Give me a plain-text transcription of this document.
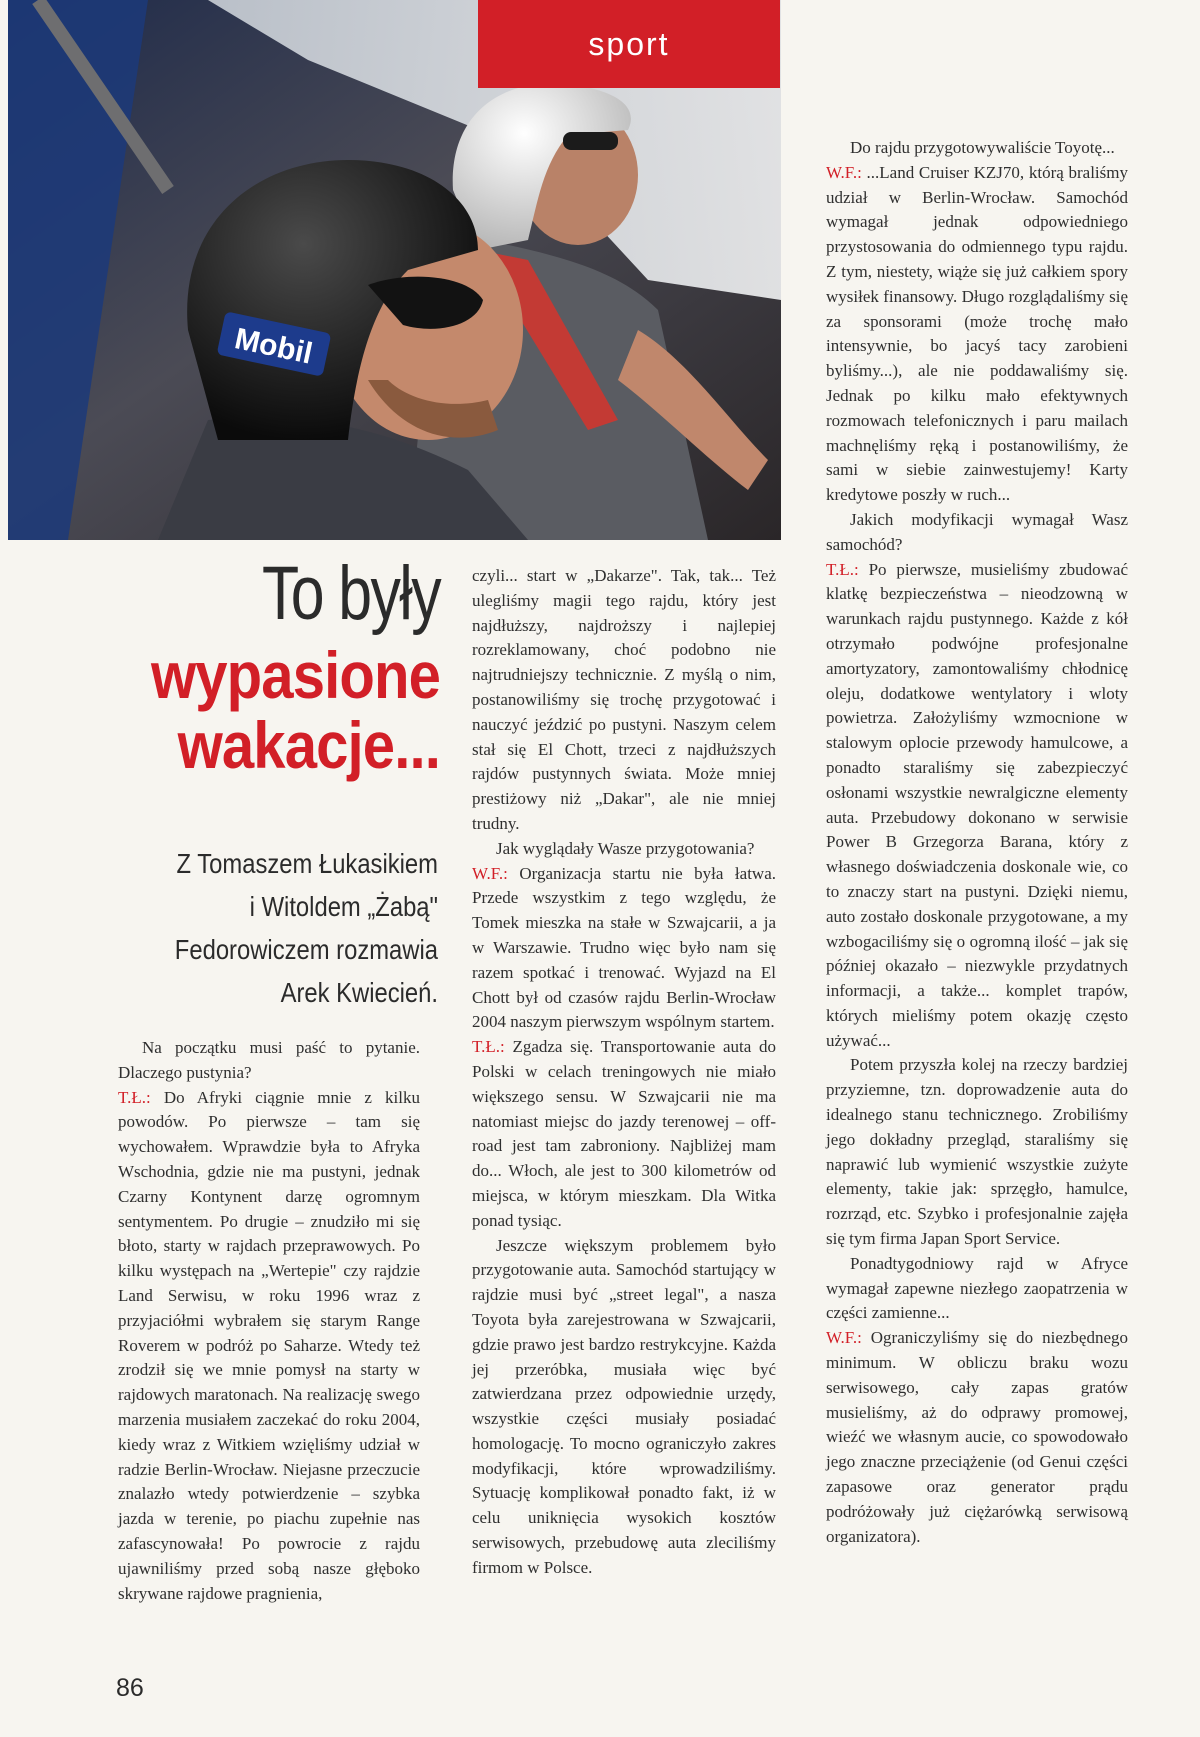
Mobil
sport
To były
wypasione
wakacje...
Z Tomaszem Łukasikiem
i Witoldem „Żabą"
Fedorowiczem rozmawia
Arek Kwiecień.

Na początku musi paść to pytanie. Dlaczego pustynia?

T.Ł.: Do Afryki ciągnie mnie z kilku powodów. Po pierwsze – tam się wychowałem. Wprawdzie była to Afryka Wschodnia, gdzie nie ma pustyni, jednak Czarny Kontynent darzę ogromnym sentymentem. Po drugie – znudziło mi się błoto, starty w rajdach przeprawowych. Po kilku występach na „Wertepie" czy rajdzie Land Serwisu, w roku 1996 wraz z przyjaciółmi wybrałem się starym Range Roverem w podróż po Saharze. Wtedy też zrodził się we mnie pomysł na starty w rajdowych maratonach. Na realizację swego marzenia musiałem zaczekać do roku 2004, kiedy wraz z Witkiem wzięliśmy udział w radzie Berlin-Wrocław. Niejasne przeczucie znalazło wtedy potwierdzenie – szybka jazda w terenie, po piachu zupełnie nas zafascynowała! Po powrocie z rajdu ujawniliśmy przed sobą nasze głęboko skrywane rajdowe pragnienia,

czyli... start w „Dakarze". Tak, tak... Też ulegliśmy magii tego rajdu, który jest najdłuższy, najdroższy i najlepiej rozreklamowany, choć podobno nie najtrudniejszy technicznie. Z myślą o nim, postanowiliśmy się trochę przygotować i nauczyć jeździć po pustyni. Naszym celem stał się El Chott, trzeci z najdłuższych rajdów pustynnych świata. Może mniej prestiżowy niż „Dakar", ale nie mniej trudny.

Jak wyglądały Wasze przygotowania?

W.F.: Organizacja startu nie była łatwa. Przede wszystkim z tego względu, że Tomek mieszka na stałe w Szwajcarii, a ja w Warszawie. Trudno więc było nam się razem spotkać i trenować. Wyjazd na El Chott był od czasów rajdu Berlin-Wrocław 2004 naszym pierwszym wspólnym startem.

T.Ł.: Zgadza się. Transportowanie auta do Polski w celach treningowych nie miało większego sensu. W Szwajcarii nie ma natomiast miejsc do jazdy terenowej – off-road jest tam zabroniony. Najbliżej mam do... Włoch, ale jest to 300 kilometrów od miejsca, w którym mieszkam. Dla Witka ponad tysiąc.

Jeszcze większym problemem było przygotowanie auta. Samochód startujący w rajdzie musi być „street legal", a nasza Toyota była zarejestrowana w Szwajcarii, gdzie prawo jest bardzo restrykcyjne. Każda jej przeróbka, musiała więc być zatwierdzana przez odpowiednie urzędy, wszystkie części musiały posiadać homologację. To mocno ograniczyło zakres modyfikacji, które wprowadziliśmy. Sytuację komplikował ponadto fakt, iż w celu uniknięcia wysokich kosztów serwisowych, przebudowę auta zleciliśmy firmom w Polsce.

Do rajdu przygotowywaliście Toyotę...

W.F.: ...Land Cruiser KZJ70, którą braliśmy udział w Berlin-Wrocław. Samochód wymagał jednak odpowiedniego przystosowania do odmiennego typu rajdu. Z tym, niestety, wiąże się już całkiem spory wysiłek finansowy. Długo rozglądaliśmy się za sponsorami (może trochę mało intensywnie, bo jacyś tacy zarobieni byliśmy...), ale nie poddawaliśmy się. Jednak po kilku mało efektywnych rozmowach telefonicznych i paru mailach machnęliśmy ręką i postanowiliśmy, że sami w siebie zainwestujemy! Karty kredytowe poszły w ruch...

Jakich modyfikacji wymagał Wasz samochód?

T.Ł.: Po pierwsze, musieliśmy zbudować klatkę bezpieczeństwa – nieodzowną w warunkach rajdu pustynnego. Każde z kół otrzymało podwójne profesjonalne amortyzatory, zamontowaliśmy chłodnicę oleju, dodatkowe wentylatory i wloty powietrza. Założyliśmy wzmocnione w stalowym oplocie przewody hamulcowe, a ponadto staraliśmy się zabezpieczyć osłonami wszystkie newralgiczne elementy auta. Przebudowy dokonano w serwisie Power B Grzegorza Barana, który z własnego doświadczenia doskonale wie, co to znaczy start na pustyni. Dzięki niemu, auto zostało doskonale przygotowane, a my wzbogaciliśmy się o ogromną ilość – jak się później okazało – niezwykle przydatnych informacji, a także... komplet trapów, których mieliśmy potem okazję często używać...

Potem przyszła kolej na rzeczy bardziej przyziemne, tzn. doprowadzenie auta do idealnego stanu technicznego. Zrobiliśmy jego dokładny przegląd, staraliśmy się naprawić lub wymienić wszystkie zużyte elementy, takie jak: sprzęgło, hamulce, rozrząd, etc. Szybko i profesjonalnie zajęła się tym firma Japan Sport Service.

Ponadtygodniowy rajd w Afryce wymagał zapewne niezłego zaopatrzenia w części zamienne...

W.F.: Ograniczyliśmy się do niezbędnego minimum. W obliczu braku wozu serwisowego, cały zapas gratów musieliśmy, aż do odprawy promowej, wieźć we własnym aucie, co spowodowało jego znaczne przeciążenie (od Genui części zapasowe oraz generator prądu podróżowały już ciężarówką serwisową organizatora).

86
